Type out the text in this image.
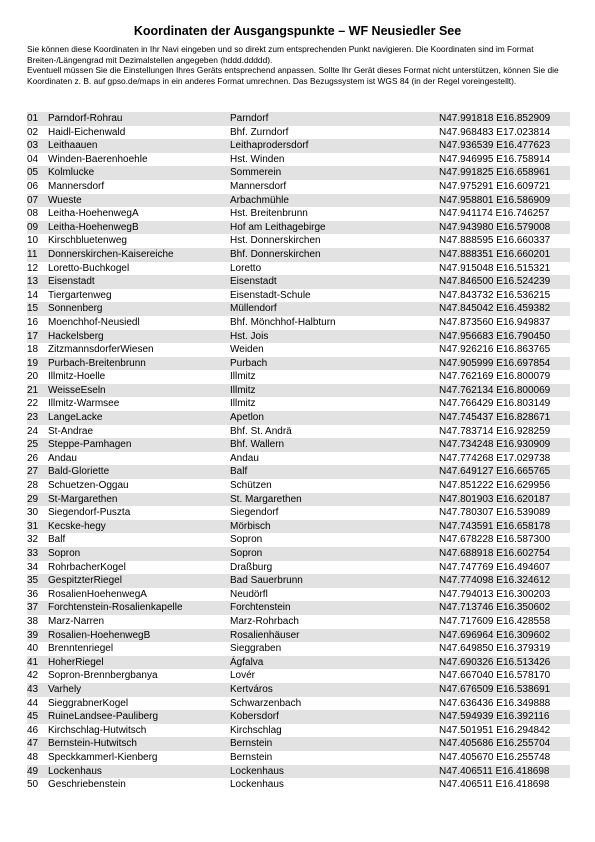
Koordinaten der Ausgangspunkte – WF Neusiedler See

Sie können diese Koordinaten in Ihr Navi eingeben und so direkt zum entsprechenden Punkt navigieren. Die Koordinaten sind im Format Breiten-/Längengrad mit Dezimalstellen angegeben (hddd.ddddd).

Eventuell müssen Sie die Einstellungen Ihres Geräts entsprechend anpassen. Sollte Ihr Gerät dieses Format nicht unterstützen, können Sie die Koordinaten z. B. auf gpso.de/maps in ein anderes Format umrechnen. Das Bezugssystem ist WGS 84 (in der Regel voreingestellt).

01 Parndorf-Rohrau	Parndorf	N47.991818 E16.852909
02 Haidl-Eichenwald	Bhf. Zurndorf	N47.968483 E17.023814
03 Leithaauen	Leithaprodersdorf	N47.936539 E16.477623
04 Winden-Baerenhoehle	Hst. Winden	N47.946995 E16.758914
05 Kolmlucke	Sommerein	N47.991825 E16.658961
06 Mannersdorf	Mannersdorf	N47.975291 E16.609721
07 Wueste	Arbachmühle	N47.958801 E16.586909
08 Leitha-HoehenwegA	Hst. Breitenbrunn	N47.941174 E16.746257
09 Leitha-HoehenwegB	Hof am Leithagebirge	N47.943980 E16.579008
10 Kirschbluetenweg	Hst. Donnerskirchen	N47.888595 E16.660337
11 Donnerskirchen-Kaisereiche	Bhf. Donnerskirchen	N47.888351 E16.660201
12 Loretto-Buchkogel	Loretto	N47.915048 E16.515321
13 Eisenstadt	Eisenstadt	N47.846500 E16.524239
14 Tiergartenweg	Eisenstadt-Schule	N47.843732 E16.536215
15 Sonnenberg	Müllendorf	N47.845042 E16.459382
16 Moenchhof-Neusiedl	Bhf. Mönchhof-Halbturn	N47.873560 E16.949837
17 Hackelsberg	Hst. Jois	N47.956683 E16.790450
18 ZitzmannsdorferWiesen	Weiden	N47.926216 E16.863765
19 Purbach-Breitenbrunn	Purbach	N47.905999 E16.697854
20 Illmitz-Hoelle	Illmitz	N47.762169 E16.800079
21 WeisseEseln	Illmitz	N47.762134 E16.800069
22 Illmitz-Warmsee	Illmitz	N47.766429 E16.803149
23 LangeLacke	Apetlon	N47.745437 E16.828671
24 St-Andrae	Bhf. St. Andrä	N47.783714 E16.928259
25 Steppe-Pamhagen	Bhf. Wallern	N47.734248 E16.930909
26 Andau	Andau	N47.774268 E17.029738
27 Bald-Gloriette	Balf	N47.649127 E16.665765
28 Schuetzen-Oggau	Schützen	N47.851222 E16.629956
29 St-Margarethen	St. Margarethen	N47.801903 E16.620187
30 Siegendorf-Puszta	Siegendorf	N47.780307 E16.539089
31 Kecske-hegy	Mörbisch	N47.743591 E16.658178
32 Balf	Sopron	N47.678228 E16.587300
33 Sopron	Sopron	N47.688918 E16.602754
34 RohrbacherKogel	Draßburg	N47.747769 E16.494607
35 GespitzterRiegel	Bad Sauerbrunn	N47.774098 E16.324612
36 RosalienHoehenwegA	Neudörfl	N47.794013 E16.300203
37 Forchtenstein-Rosalienkapelle	Forchtenstein	N47.713746 E16.350602
38 Marz-Narren	Marz-Rohrbach	N47.717609 E16.428558
39 Rosalien-HoehenwegB	Rosalienhäuser	N47.696964 E16.309602
40 Brenntenriegel	Sieggraben	N47.649850 E16.379319
41 HoherRiegel	Ágfalva	N47.690326 E16.513426
42 Sopron-Brennbergbanya	Lovér	N47.667040 E16.578170
43 Varhely	Kertváros	N47.676509 E16.538691
44 SieggrabnerKogel	Schwarzenbach	N47.636436 E16.349888
45 RuineLandsee-Pauliberg	Kobersdorf	N47.594939 E16.392116
46 Kirchschlag-Hutwitsch	Kirchschlag	N47.501951 E16.294842
47 Bernstein-Hutwitsch	Bernstein	N47.405686 E16.255704
48 Speckkammerl-Kienberg	Bernstein	N47.405670 E16.255748
49 Lockenhaus	Lockenhaus	N47.406511 E16.418698
50 Geschriebenstein	Lockenhaus	N47.406511 E16.418698
